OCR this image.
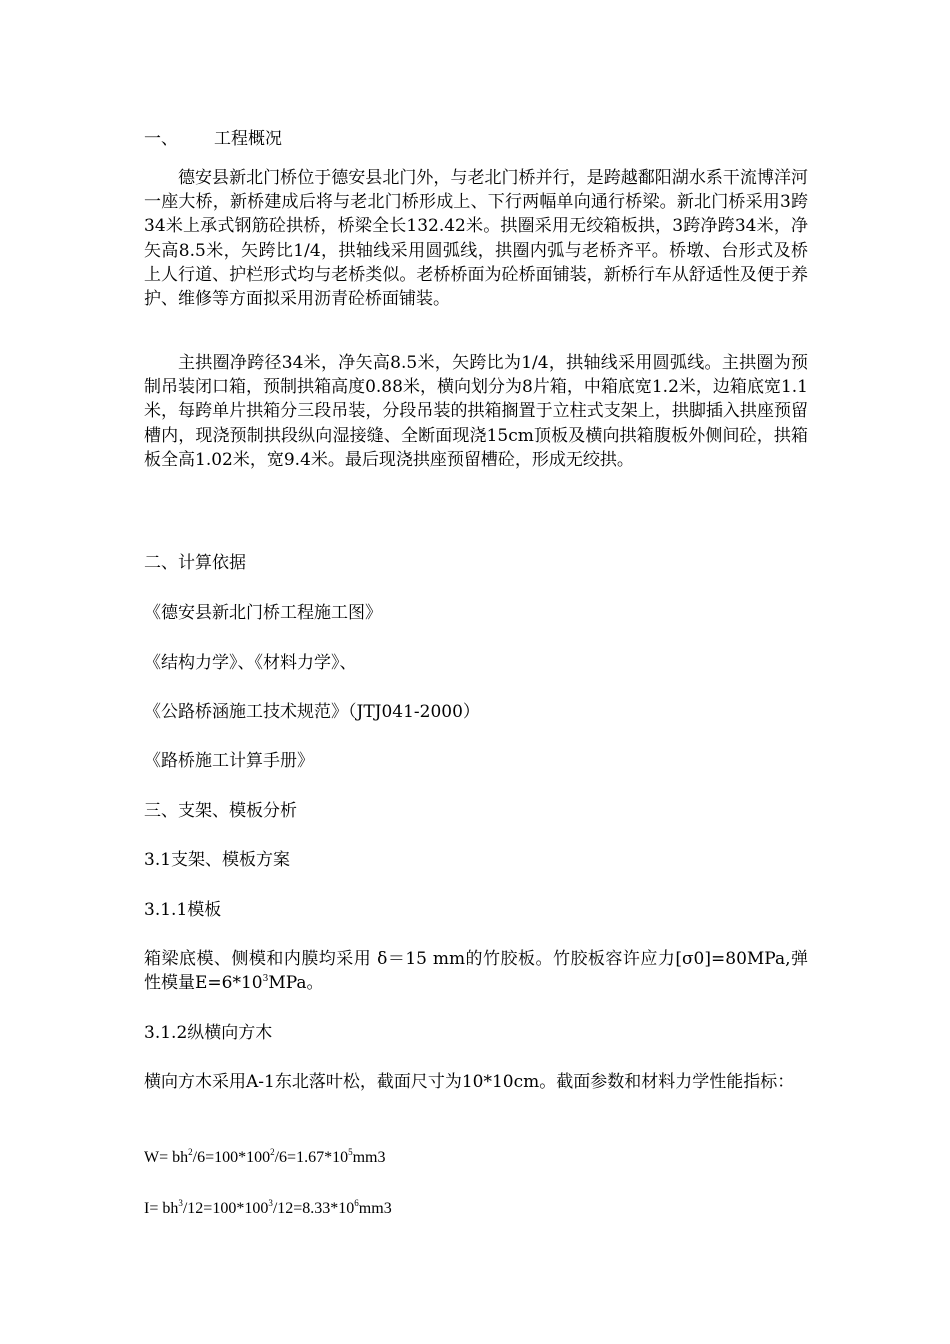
一、 工程概况

德安县新北门桥位于德安县北门外，与老北门桥并行，是跨越鄱阳湖水系干流博洋河一座大桥，新桥建成后将与老北门桥形成上、下行两幅单向通行桥梁。新北门桥采用3跨34米上承式钢筋砼拱桥，桥梁全长132.42米。拱圈采用无绞箱板拱，3跨净跨34米，净矢高8.5米，矢跨比1/4，拱轴线采用圆弧线，拱圈内弧与老桥齐平。桥墩、台形式及桥上人行道、护栏形式均与老桥类似。老桥桥面为砼桥面铺装，新桥行车从舒适性及便于养护、维修等方面拟采用沥青砼桥面铺装。

主拱圈净跨径34米，净矢高8.5米，矢跨比为1/4，拱轴线采用圆弧线。主拱圈为预制吊装闭口箱，预制拱箱高度0.88米，横向划分为8片箱，中箱底宽1.2米，边箱底宽1.1米，每跨单片拱箱分三段吊装，分段吊装的拱箱搁置于立柱式支架上，拱脚插入拱座预留槽内，现浇预制拱段纵向湿接缝、全断面现浇15cm顶板及横向拱箱腹板外侧间砼，拱箱板全高1.02米，宽9.4米。最后现浇拱座预留槽砼，形成无绞拱。

二、计算依据
《德安县新北门桥工程施工图》
《结构力学》、《材料力学》、
《公路桥涵施工技术规范》（JTJ041-2000）
《路桥施工计算手册》
三、支架、模板分析
3.1支架、模板方案
3.1.1模板

箱梁底模、侧模和内膜均采用 δ＝15 mm的竹胶板。竹胶板容许应力[σ0]=80MPa,弹性模量$E=6*10^3MPa$。

3.1.2纵横向方木

横向方木采用A-1东北落叶松，截面尺寸为10*10cm。截面参数和材料力学性能指标：

$W= bh^2/6=100*100^2/6=1.67*10^5mm3$
$I= bh^3/12=100*100^3/12=8.33*10^6mm3$
